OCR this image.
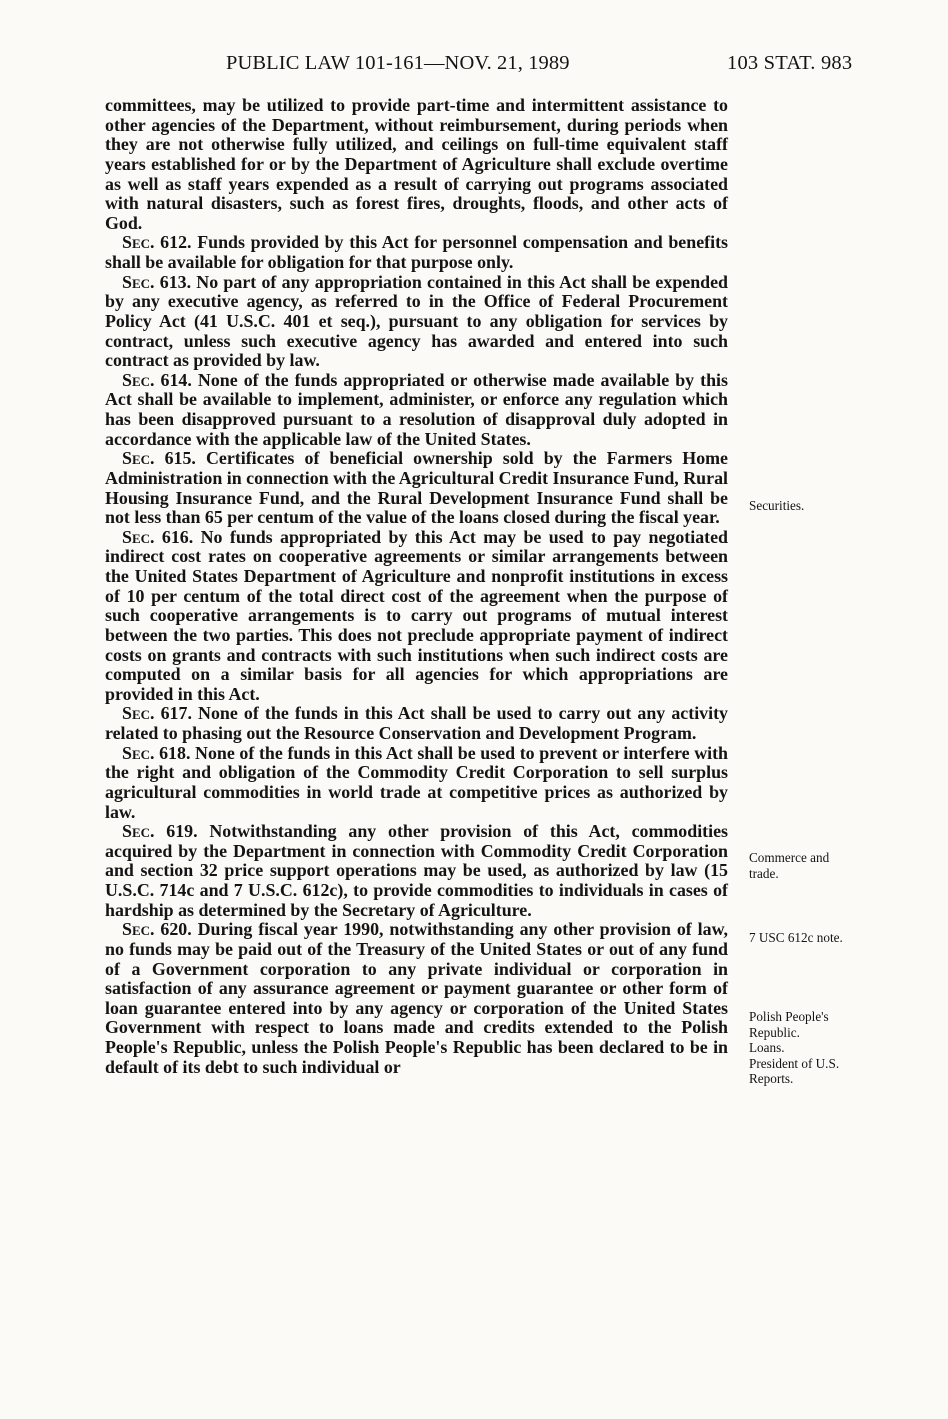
PUBLIC LAW 101-161—NOV. 21, 1989	103 STAT. 983

committees, may be utilized to provide part-time and intermittent assistance to other agencies of the Department, without reimbursement, during periods when they are not otherwise fully utilized, and ceilings on full-time equivalent staff years established for or by the Department of Agriculture shall exclude overtime as well as staff years expended as a result of carrying out programs associated with natural disasters, such as forest fires, droughts, floods, and other acts of God.

Sec. 612. Funds provided by this Act for personnel compensation and benefits shall be available for obligation for that purpose only.

Sec. 613. No part of any appropriation contained in this Act shall be expended by any executive agency, as referred to in the Office of Federal Procurement Policy Act (41 U.S.C. 401 et seq.), pursuant to any obligation for services by contract, unless such executive agency has awarded and entered into such contract as provided by law.

Sec. 614. None of the funds appropriated or otherwise made available by this Act shall be available to implement, administer, or enforce any regulation which has been disapproved pursuant to a resolution of disapproval duly adopted in accordance with the applicable law of the United States.

Sec. 615. Certificates of beneficial ownership sold by the Farmers Home Administration in connection with the Agricultural Credit Insurance Fund, Rural Housing Insurance Fund, and the Rural Development Insurance Fund shall be not less than 65 per centum of the value of the loans closed during the fiscal year.

Sec. 616. No funds appropriated by this Act may be used to pay negotiated indirect cost rates on cooperative agreements or similar arrangements between the United States Department of Agriculture and nonprofit institutions in excess of 10 per centum of the total direct cost of the agreement when the purpose of such cooperative arrangements is to carry out programs of mutual interest between the two parties. This does not preclude appropriate payment of indirect costs on grants and contracts with such institutions when such indirect costs are computed on a similar basis for all agencies for which appropriations are provided in this Act.

Sec. 617. None of the funds in this Act shall be used to carry out any activity related to phasing out the Resource Conservation and Development Program.

Sec. 618. None of the funds in this Act shall be used to prevent or interfere with the right and obligation of the Commodity Credit Corporation to sell surplus agricultural commodities in world trade at competitive prices as authorized by law.

Sec. 619. Notwithstanding any other provision of this Act, commodities acquired by the Department in connection with Commodity Credit Corporation and section 32 price support operations may be used, as authorized by law (15 U.S.C. 714c and 7 U.S.C. 612c), to provide commodities to individuals in cases of hardship as determined by the Secretary of Agriculture.

Sec. 620. During fiscal year 1990, notwithstanding any other provision of law, no funds may be paid out of the Treasury of the United States or out of any fund of a Government corporation to any private individual or corporation in satisfaction of any assurance agreement or payment guarantee or other form of loan guarantee entered into by any agency or corporation of the United States Government with respect to loans made and credits extended to the Polish People's Republic, unless the Polish People's Republic has been declared to be in default of its debt to such individual or

Securities.
Commerce and
trade.
7 USC 612c note.
Polish People's
Republic.
Loans.
President of U.S.
Reports.
